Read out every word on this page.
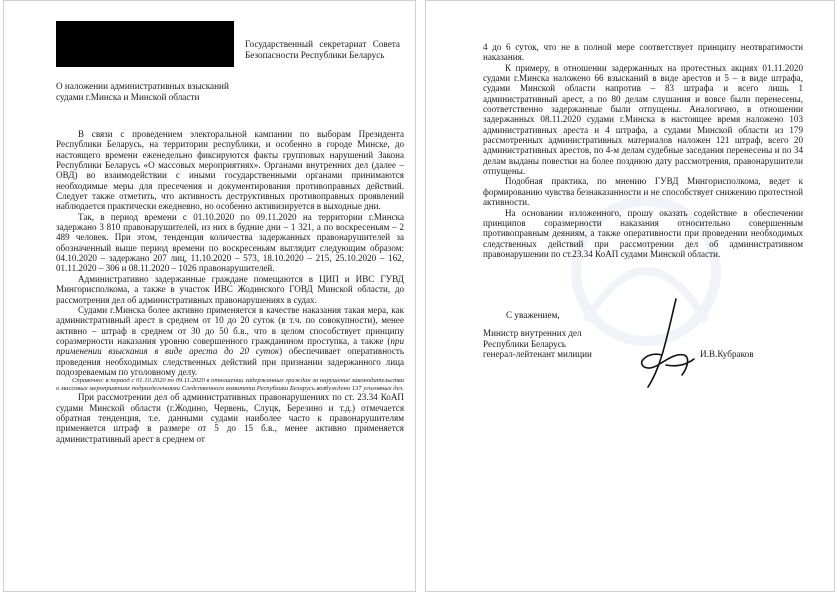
Государственный секретариат Совета Безопасности Республики Беларусь
О наложении административных взысканий судами г.Минска и Минской области

В связи с проведением электоральной кампании по выборам Президента Республики Беларусь, на территории республики, и особенно в городе Минске, до настоящего времени еженедельно фиксируются факты групповых нарушений Закона Республики Беларусь «О массовых мероприятиях». Органами внутренних дел (далее – ОВД) во взаимодействии с иными государственными органами принимаются необходимые меры для пресечения и документирования противоправных действий. Следует также отметить, что активность деструктивных противоправных проявлений наблюдается практически ежедневно, но особенно активизируется в выходные дни.

Так, в период времени с 01.10.2020 по 09.11.2020 на территории г.Минска задержано 3 810 правонарушителей, из них в будние дни – 1 321, а по воскресеньям – 2 489 человек. При этом, тенденция количества задержанных правонарушителей за обозначенный выше период времени по воскресеньям выглядит следующим образом: 04.10.2020 – задержано 207 лиц, 11.10.2020 – 573, 18.10.2020 – 215, 25.10.2020 – 162, 01.11.2020 – 306 и 08.11.2020 – 1026 правонарушителей.

Административно задержанные граждане помещаются в ЦИП и ИВС ГУВД Мингорисполкома, а также в участок ИВС Жодинского ГОВД Минской области, до рассмотрения дел об административных правонарушениях в судах.

Судами г.Минска более активно применяется в качестве наказания такая мера, как административный арест в среднем от 10 до 20 суток (в т.ч. по совокупности), менее активно – штраф в среднем от 30 до 50 б.в., что в целом способствует принципу соразмерности наказания уровню совершенного гражданином проступка, а также (при применении взыскания в виде ареста до 20 суток) обеспечивает оперативность проведения необходимых следственных действий при признании задержанного лица подозреваемым по уголовному делу.

Справочно: в период с 01.10.2020 по 09.11.2020 в отношении задержанных граждан за нарушение законодательства о массовых мероприятиях подразделениями Следственного комитета Республики Беларусь возбуждено 137 уголовных дел.

При рассмотрении дел об административных правонарушениях по ст. 23.34 КоАП судами Минской области (г.Жодино, Червень, Слуцк, Березино и т.д.) отмечается обратная тенденция, т.е. данными судами наиболее часто к правонарушителям применяется штраф в размере от 5 до 15 б.в., менее активно применяется административный арест в среднем от

4 до 6 суток, что не в полной мере соответствует принципу неотвратимости наказания.

К примеру, в отношении задержанных на протестных акциях 01.11.2020 судами г.Минска наложено 66 взысканий в виде арестов и 5 – в виде штрафа, судами Минской области напротив – 83 штрафа и всего лишь 1 административный арест, а по 80 делам слушания и вовсе были перенесены, соответственно задержанные были отпущены. Аналогично, в отношении задержанных 08.11.2020 судами г.Минска в настоящее время наложено 103 административных ареста и 4 штрафа, а судами Минской области из 179 рассмотренных административных материалов наложен 121 штраф, всего 20 административных арестов, по 4-м делам судебные заседания перенесены и по 34 делам выданы повестки на более позднюю дату рассмотрения, правонарушители отпущены.

Подобная практика, по мнению ГУВД Мингорисполкома, ведет к формированию чувства безнаказанности и не способствует снижению протестной активности.

На основании изложенного, прошу оказать содействие в обеспечении принципов соразмерности наказания относительно совершенным противоправным деяниям, а также оперативности при проведении необходимых следственных действий при рассмотрении дел об административном правонарушении по ст.23.34 КоАП судами Минской области.

С уважением,
Министр внутренних дел
Республики Беларусь
генерал-лейтенант милиции	И.В.Кубраков
